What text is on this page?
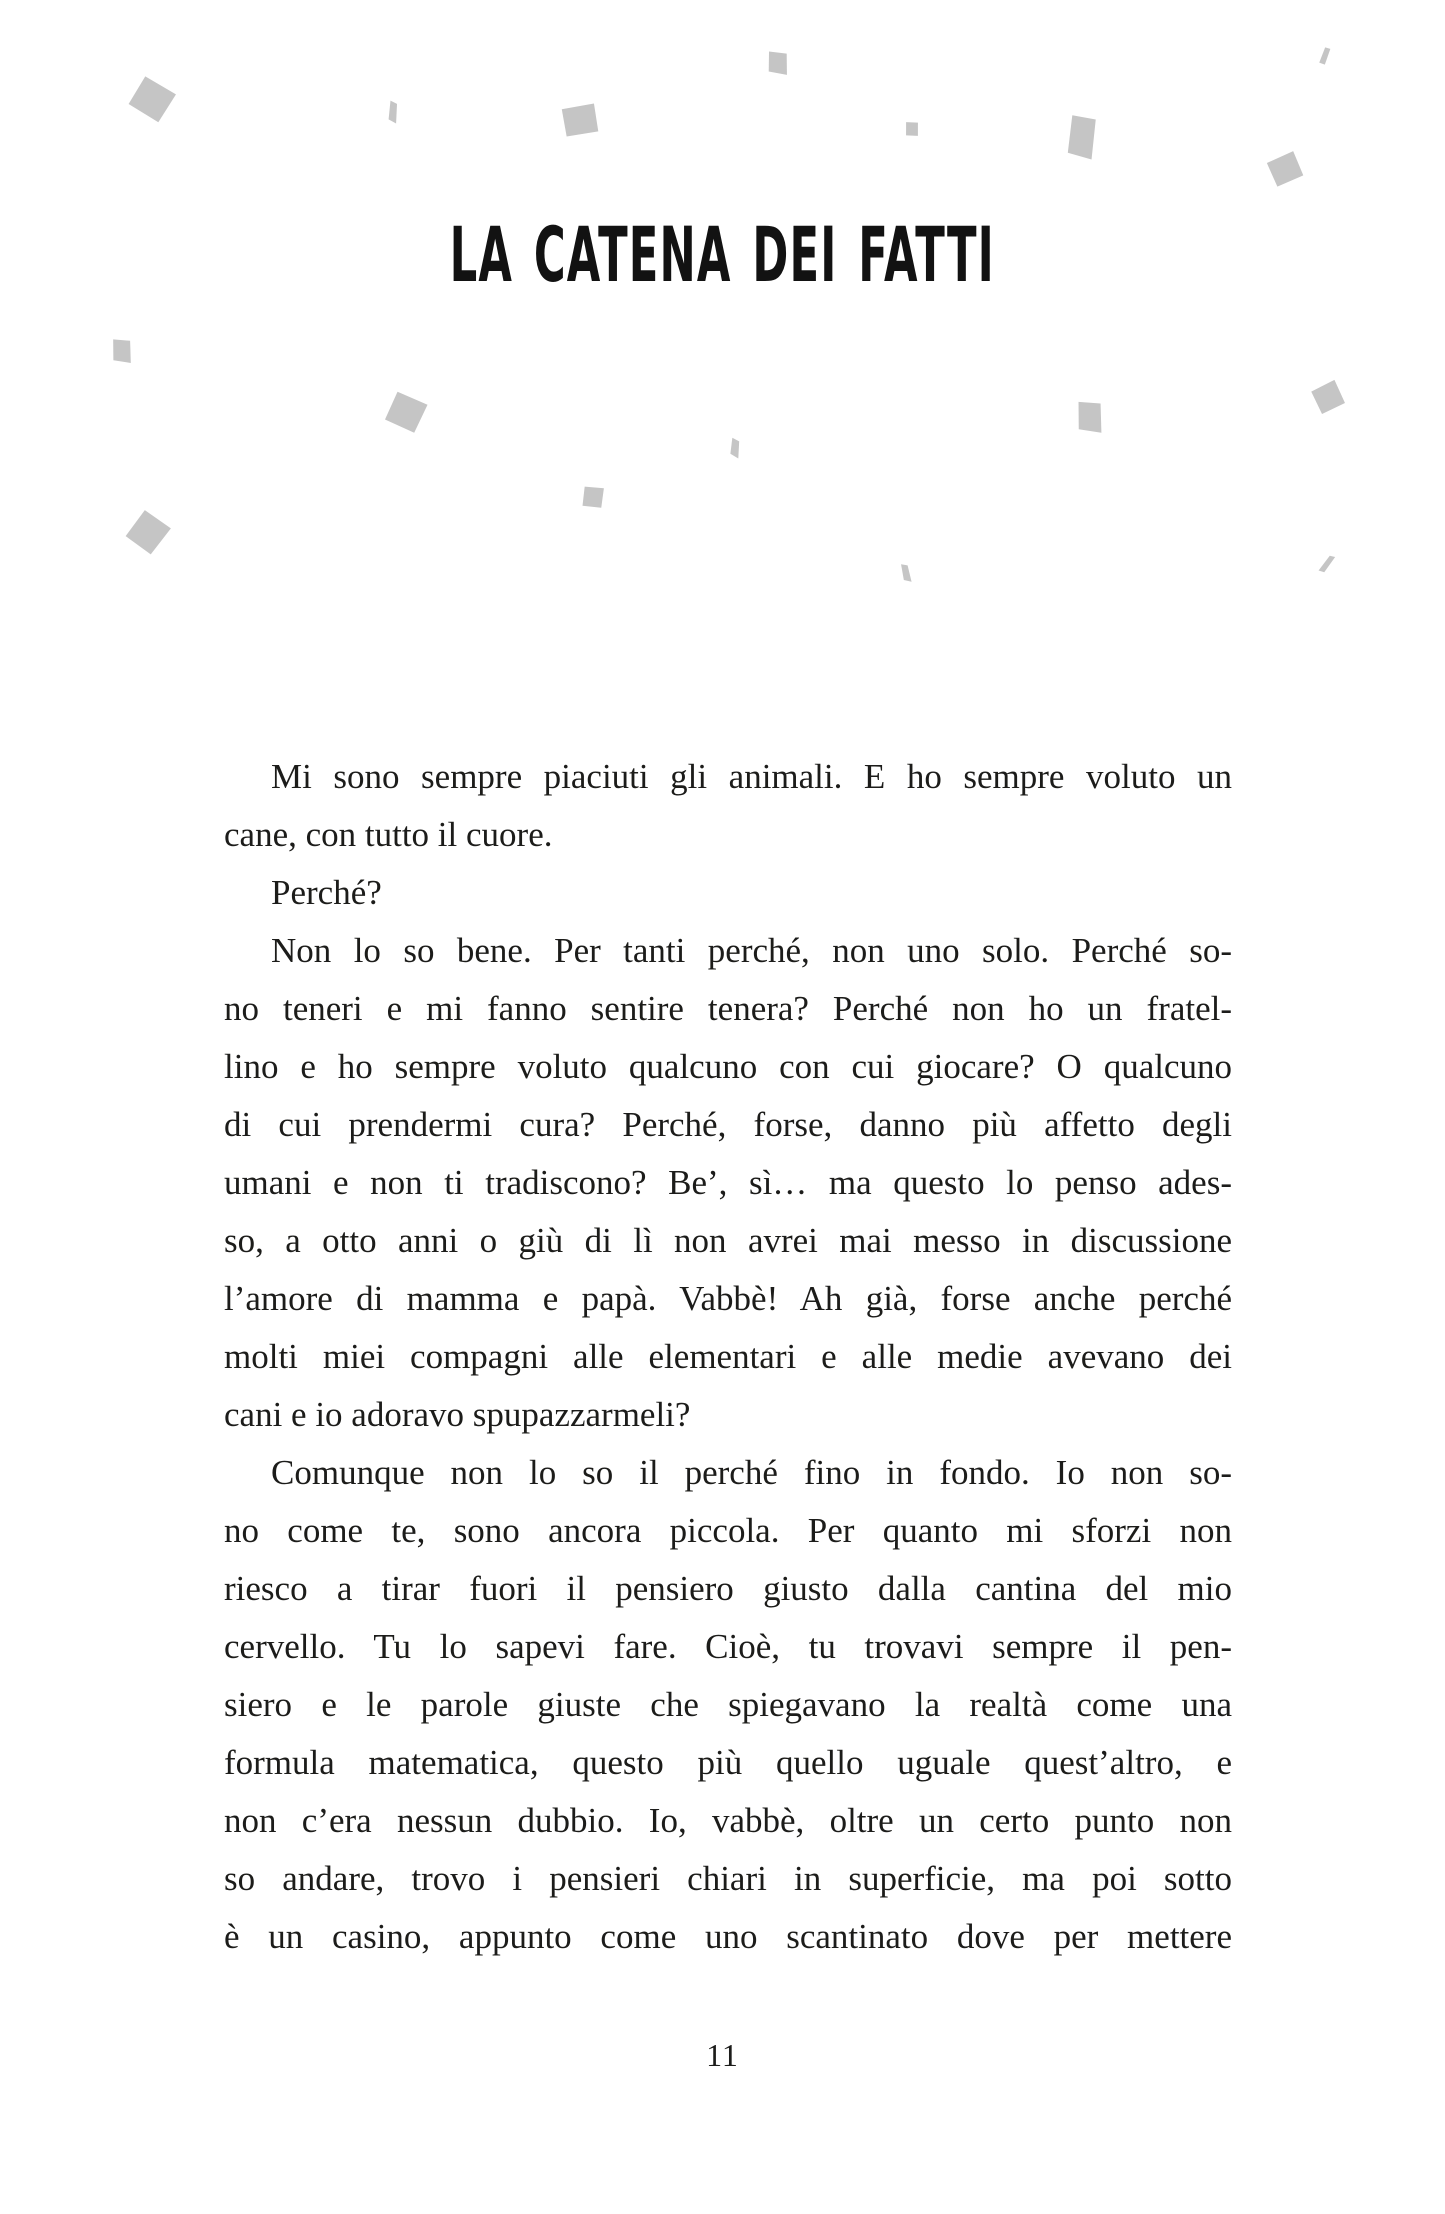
LA CATENA DEI FATTI
Mi sono sempre piaciuti gli animali. E ho sempre voluto un
cane, con tutto il cuore.
Perché?
Non lo so bene. Per tanti perché, non uno solo. Perché so-
no teneri e mi fanno sentire tenera? Perché non ho un fratel-
lino e ho sempre voluto qualcuno con cui giocare? O qualcuno
di cui prendermi cura? Perché, forse, danno più affetto degli
umani e non ti tradiscono? Be’, sì… ma questo lo penso ades-
so, a otto anni o giù di lì non avrei mai messo in discussione
l’amore di mamma e papà. Vabbè! Ah già, forse anche perché
molti miei compagni alle elementari e alle medie avevano dei
cani e io adoravo spupazzarmeli?
Comunque non lo so il perché fino in fondo. Io non so-
no come te, sono ancora piccola. Per quanto mi sforzi non
riesco a tirar fuori il pensiero giusto dalla cantina del mio
cervello. Tu lo sapevi fare. Cioè, tu trovavi sempre il pen-
siero e le parole giuste che spiegavano la realtà come una
formula matematica, questo più quello uguale quest’altro, e
non c’era nessun dubbio. Io, vabbè, oltre un certo punto non
so andare, trovo i pensieri chiari in superficie, ma poi sotto
è un casino, appunto come uno scantinato dove per mettere
11
